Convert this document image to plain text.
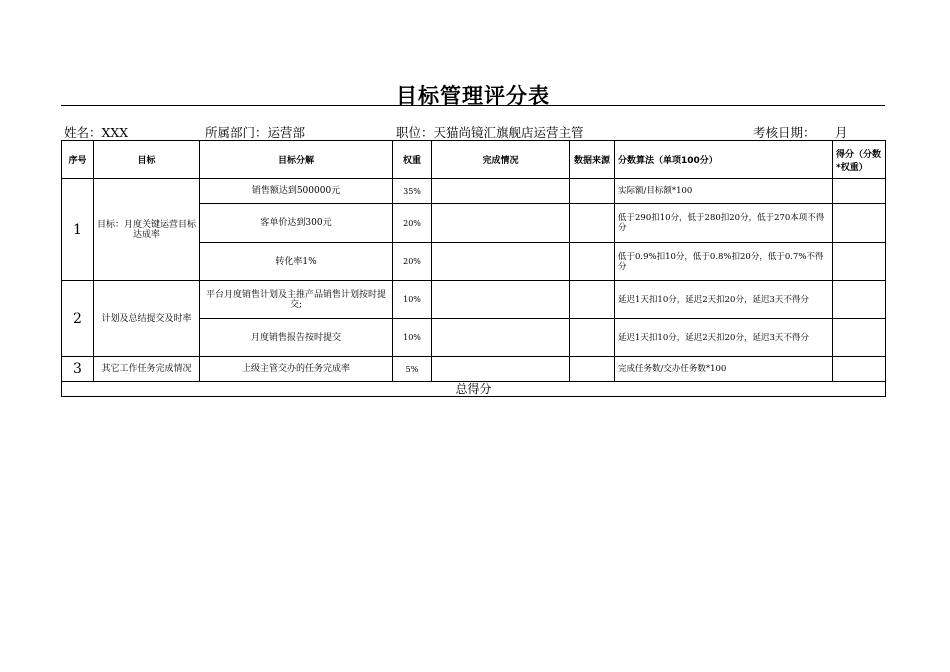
目标管理评分表
姓名：XXX	所属部门：运营部	职位：天猫尚镜汇旗舰店运营主管	考核日期： 月
序号	目标	目标分解	权重	完成情况	数据来源	分数算法（单项100分）	得分（分数*权重）
1	目标：月度关键运营目标达成率	销售额达到500000元	35%			实际额/目标额*100	
		客单价达到300元	20%			低于290扣10分，低于280扣20分，低于270本项不得分	
		转化率1%	20%			低于0.9%扣10分，低于0.8%扣20分，低于0.7%不得分	
2	计划及总结提交及时率	平台月度销售计划及主推产品销售计划按时提交;	10%			延迟1天扣10分，延迟2天扣20分，延迟3天不得分	
		月度销售报告按时提交	10%			延迟1天扣10分，延迟2天扣20分，延迟3天不得分	
3	其它工作任务完成情况	上级主管交办的任务完成率	5%			完成任务数/交办任务数*100	
总得分							
